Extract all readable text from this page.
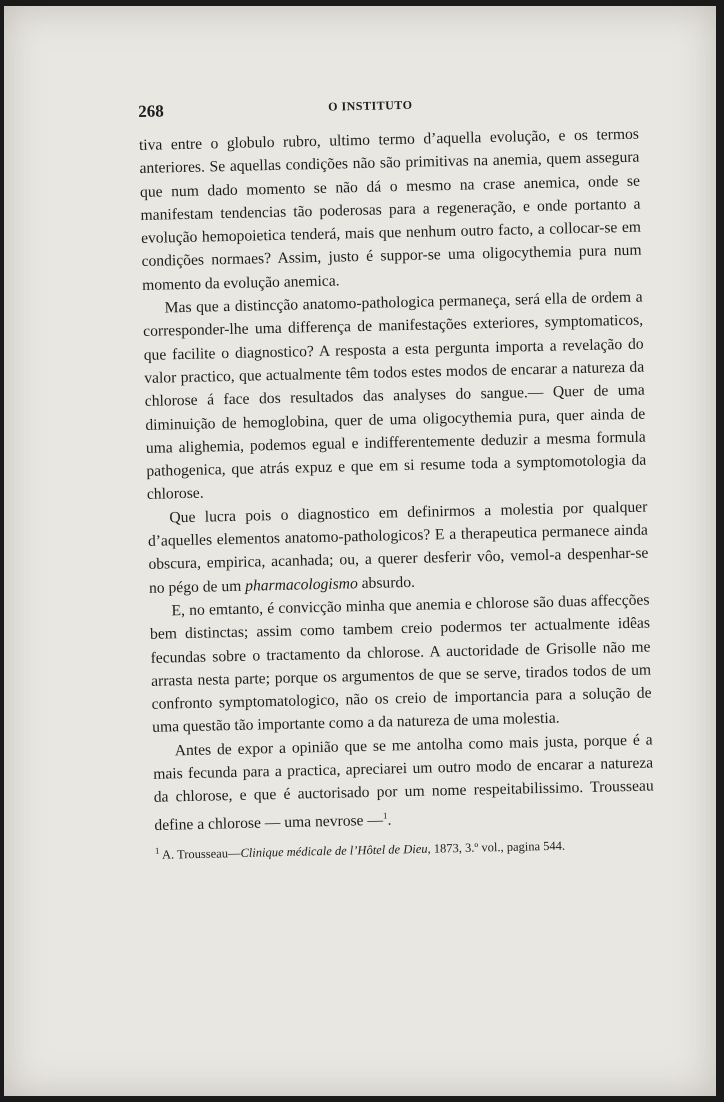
268	O INSTITUTO

tiva entre o globulo rubro, ultimo termo d’aquella evolução, e os termos anteriores. Se aquellas condições não são primitivas na anemia, quem assegura que num dado momento se não dá o mesmo na crase anemica, onde se manifestam tendencias tão poderosas para a regeneração, e onde portanto a evolução hemopoietica tenderá, mais que nenhum outro facto, a collocar-se em condições normaes? Assim, justo é suppor-se uma oligocythemia pura num momento da evolução anemica.

Mas que a distincção anatomo-pathologica permaneça, será ella de ordem a corresponder-lhe uma differença de manifestações exteriores, symptomaticos, que facilite o diagnostico? A resposta a esta pergunta importa a revelação do valor practico, que actualmente têm todos estes modos de encarar a natureza da chlorose á face dos resultados das analyses do sangue.— Quer de uma diminuição de hemoglobina, quer de uma oligocythemia pura, quer ainda de uma alighemia, podemos egual e indifferentemente deduzir a mesma formula pathogenica, que atrás expuz e que em si resume toda a symptomotologia da chlorose.

Que lucra pois o diagnostico em definirmos a molestia por qualquer d’aquelles elementos anatomo-pathologicos? E a therapeutica permanece ainda obscura, empirica, acanhada; ou, a querer desferir vôo, vemol-a despenhar-se no pégo de um pharmacologismo absurdo.

E, no emtanto, é convicção minha que anemia e chlorose são duas affecções bem distinctas; assim como tambem creio podermos ter actualmente idêas fecundas sobre o tractamento da chlorose. A auctoridade de Grisolle não me arrasta nesta parte; porque os argumentos de que se serve, tirados todos de um confronto symptomatologico, não os creio de importancia para a solução de uma questão tão importante como a da natureza de uma molestia.

Antes de expor a opinião que se me antolha como mais justa, porque é a mais fecunda para a practica, apreciarei um outro modo de encarar a natureza da chlorose, e que é auctorisado por um nome respeitabilissimo. Trousseau define a chlorose — uma nevrose —$^1$.

$^1$ A. Trousseau—Clinique médicale de l’Hôtel de Dieu, 1873, 3.º vol., pagina 544.
